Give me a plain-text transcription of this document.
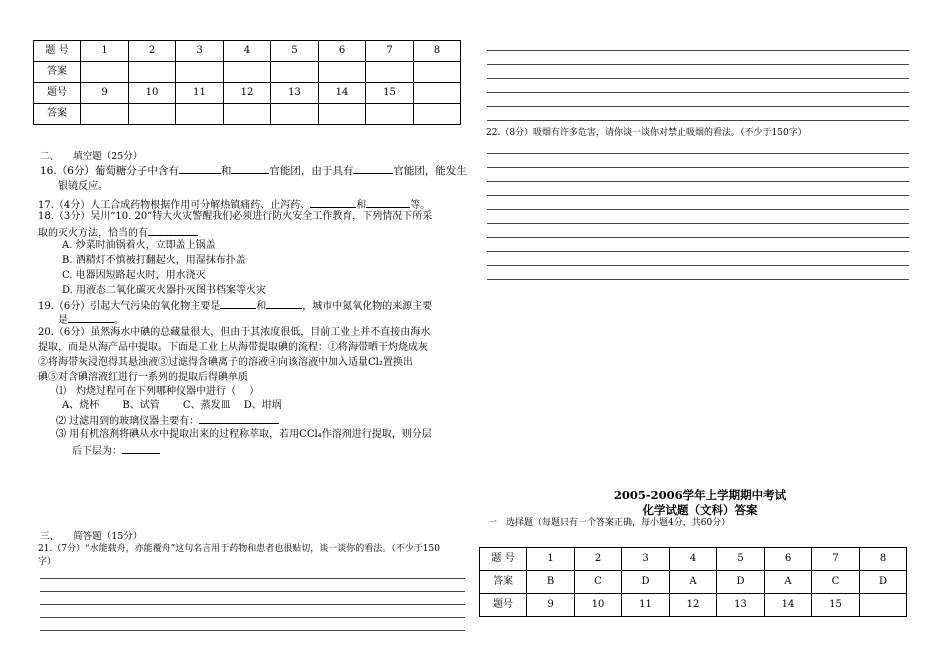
题 号	1	2	3	4	5	6	7	8
答案								
题号	9	10	11	12	13	14	15	
答案								
二、　　填空题（25分）
16.（6分）葡萄糖分子中含有	和	官能团，由于具有	官能团，能发生
银镜反应。
17.（4分）人工合成药物根据作用可分解热镇痛药、止泻药、	和	等。
18.（3分）吴川“10. 20”特大火灾警醒我们必须进行防火安全工作教育，下列情况下所采
取的灭火方法，恰当的有
A. 炒菜时油锅着火，立即盖上锅盖
B. 酒精灯不慎被打翻起火，用湿抹布扑盖
C. 电器因短路起火时，用水浇灭
D. 用液态二氧化碳灭火器扑灭图书档案等火灾
19.（6分）引起大气污染的氧化物主要是	和	，城市中氮氧化物的来源主要
是	。
20.（6分）虽然海水中碘的总藏量很大，但由于其浓度很低，目前工业上并不直接由海水
提取，而是从海产品中提取。下面是工业上从海带提取碘的流程：①将海带晒干灼烧成灰
②将海带灰浸泡得其悬浊液③过滤得含碘离子的溶液④向该溶液中加入适量Cl₂置换出
碘⑤对含碘溶液红进行一系列的提取后得碘单质
⑴　灼烧过程可在下列哪种仪器中进行（　 ）
A、烧杯　　 B、试管　　 C、蒸发皿　 D、坩埚
⑵ 过滤用到的玻璃仪器主要有：
⑶ 用有机溶剂将碘从水中提取出来的过程称萃取，若用CCl₄作溶剂进行提取，则分层
后下层为：
三、　　简答题（15分）
21.（7分）“水能载舟，亦能覆舟”这句名言用于药物和患者也很贴切，谈一谈你的看法。（不少于150
字）
22.（8分）吸烟有许多危害，请你谈一谈你对禁止吸烟的看法。（不少于150字）
2005-2006学年上学期期中考试
化学试题（文科）答案
一　选择题（每题只有一个答案正确，每小题4分，共60分）
题 号	1	2	3	4	5	6	7	8
答案	B	C	D	A	D	A	C	D
题号	9	10	11	12	13	14	15	
